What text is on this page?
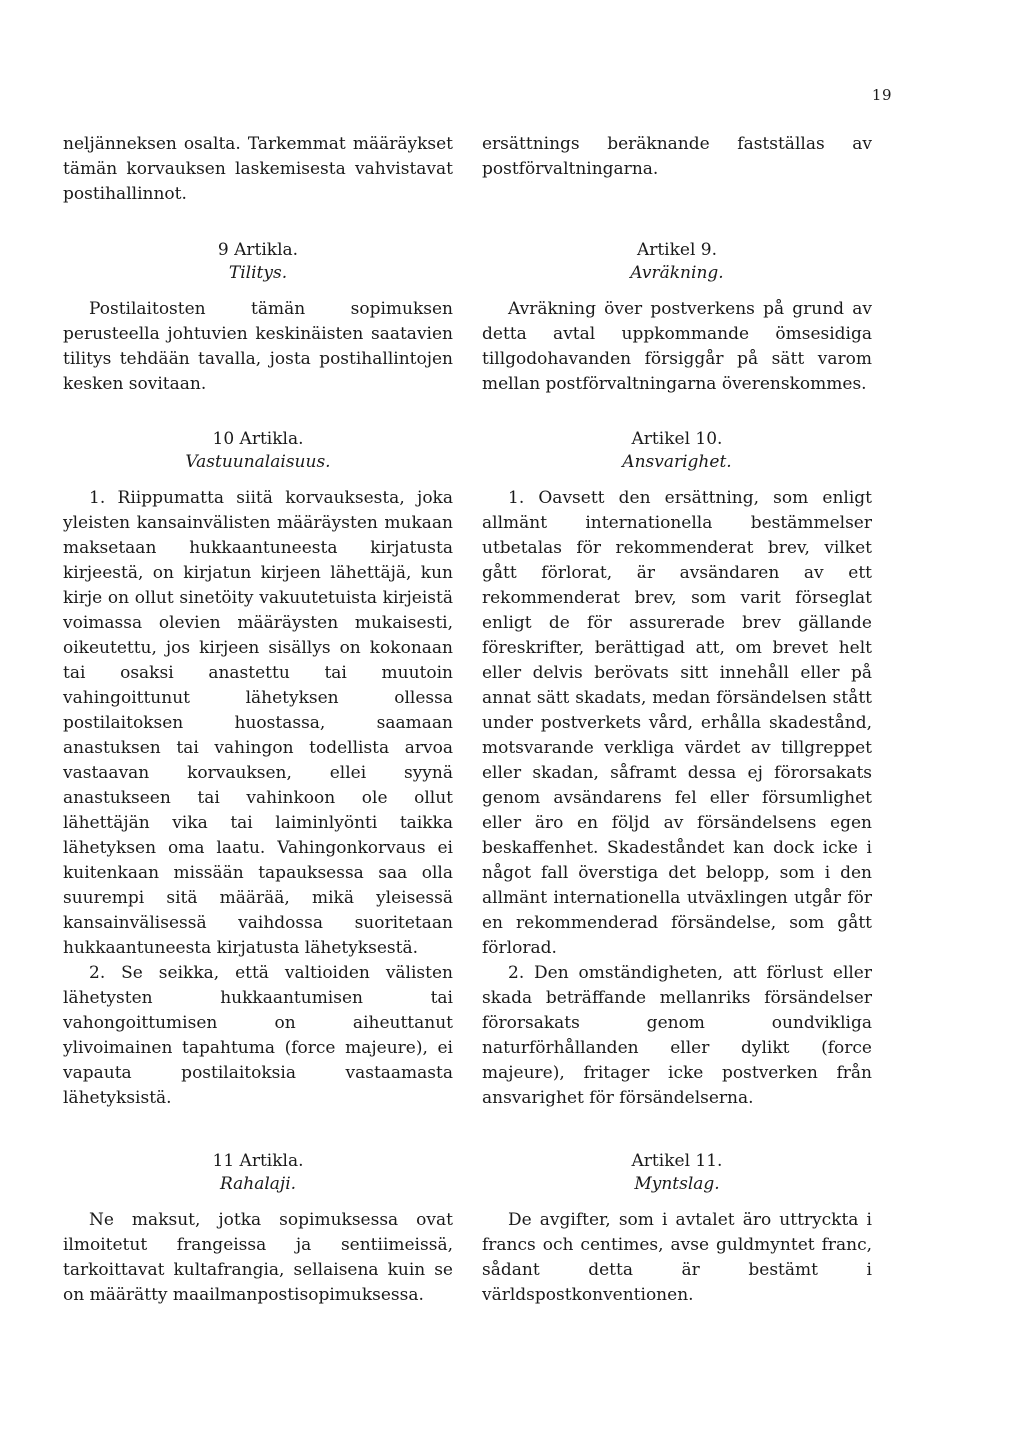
19

neljänneksen osalta. Tarkemmat määräykset tämän korvauksen laskemisesta vahvistavat postihallinnot.

9 Artikla.

Tilitys.

Postilaitosten tämän sopimuksen perusteella johtuvien keskinäisten saatavien tilitys tehdään tavalla, josta postihallintojen kesken sovitaan.

10 Artikla.

Vastuunalaisuus.

1. Riippumatta siitä korvauksesta, joka yleisten kansainvälisten määräysten mukaan maksetaan hukkaantuneesta kirjatusta kirjeestä, on kirjatun kirjeen lähettäjä, kun kirje on ollut sinetöity vakuutetuista kirjeistä voimassa olevien määräysten mukaisesti, oikeutettu, jos kirjeen sisällys on kokonaan tai osaksi anastettu tai muutoin vahingoittunut lähetyksen ollessa postilaitoksen huostassa, saamaan anastuksen tai vahingon todellista arvoa vastaavan korvauksen, ellei syynä anastukseen tai vahinkoon ole ollut lähettäjän vika tai laiminlyönti taikka lähetyksen oma laatu. Vahingonkorvaus ei kuitenkaan missään tapauksessa saa olla suurempi sitä määrää, mikä yleisessä kansainvälisessä vaihdossa suoritetaan hukkaantuneesta kirjatusta lähetyksestä.

2. Se seikka, että valtioiden välisten lähetysten hukkaantumisen tai vahongoittumisen on aiheuttanut ylivoimainen tapahtuma (force majeure), ei vapauta postilaitoksia vastaamasta lähetyksistä.

11 Artikla.

Rahalaji.

Ne maksut, jotka sopimuksessa ovat ilmoitetut frangeissa ja sentiimeissä, tarkoittavat kultafrangia, sellaisena kuin se on määrätty maailmanpostisopimuksessa.

ersättnings beräknande fastställas av postförvaltningarna.

Artikel 9.

Avräkning.

Avräkning över postverkens på grund av detta avtal uppkommande ömsesidiga tillgodohavanden försiggår på sätt varom mellan postförvaltningarna överenskommes.

Artikel 10.

Ansvarighet.

1. Oavsett den ersättning, som enligt allmänt internationella bestämmelser utbetalas för rekommenderat brev, vilket gått förlorat, är avsändaren av ett rekommenderat brev, som varit förseglat enligt de för assurerade brev gällande föreskrifter, berättigad att, om brevet helt eller delvis berövats sitt innehåll eller på annat sätt skadats, medan försändelsen stått under postverkets vård, erhålla skadestånd, motsvarande verkliga värdet av tillgreppet eller skadan, såframt dessa ej förorsakats genom avsändarens fel eller försumlighet eller äro en följd av försändelsens egen beskaffenhet. Skadeståndet kan dock icke i något fall överstiga det belopp, som i den allmänt internationella utväxlingen utgår för en rekommenderad försändelse, som gått förlorad.

2. Den omständigheten, att förlust eller skada beträffande mellanriks försändelser förorsakats genom oundvikliga naturförhållanden eller dylikt (force majeure), fritager icke postverken från ansvarighet för försändelserna.

Artikel 11.

Myntslag.

De avgifter, som i avtalet äro uttryckta i francs och centimes, avse guldmyntet franc, sådant detta är bestämt i världspostkonventionen.
